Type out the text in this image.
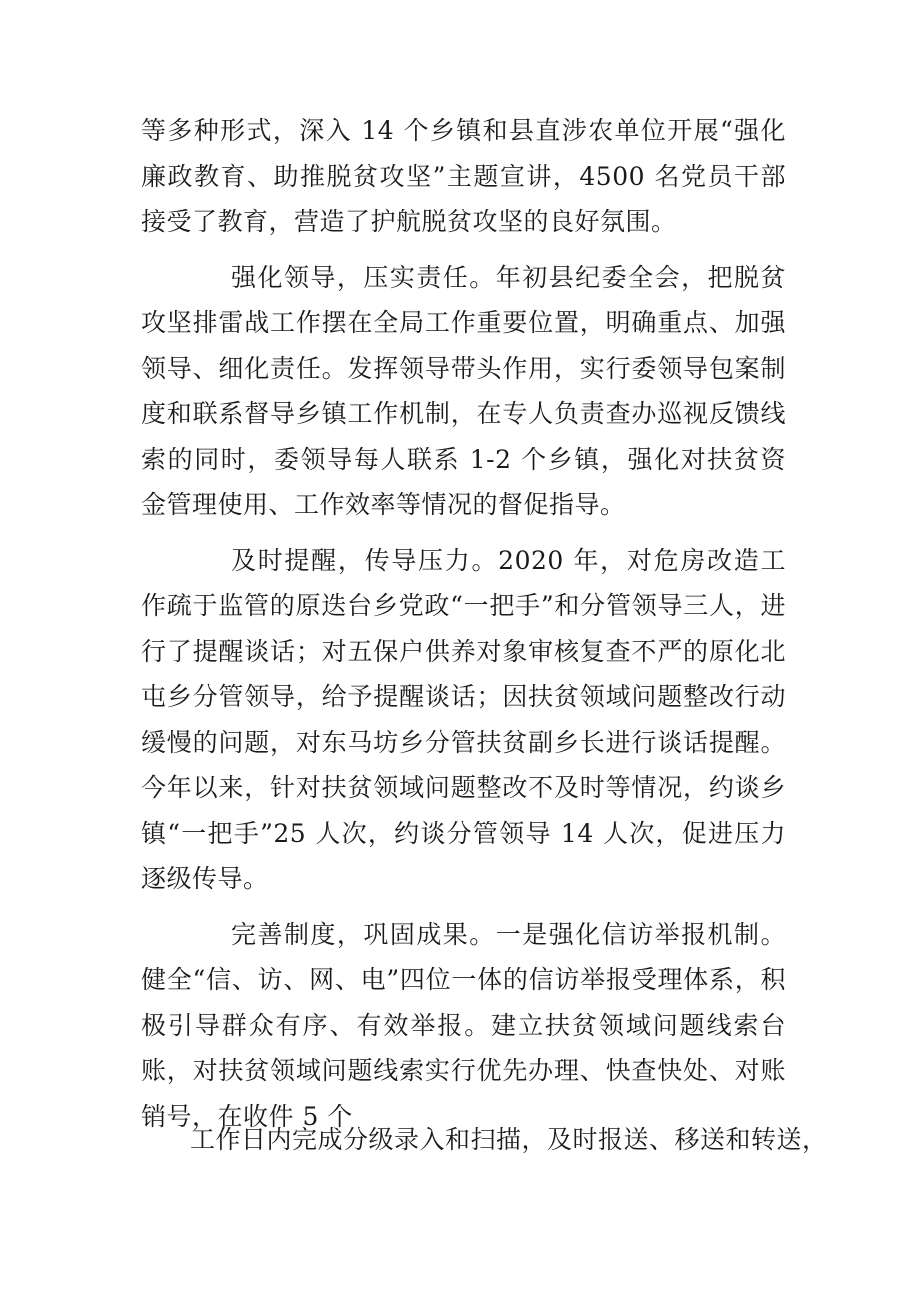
等多种形式，深入 14 个乡镇和县直涉农单位开展“强化廉政教育、助推脱贫攻坚”主题宣讲，4500 名党员干部接受了教育，营造了护航脱贫攻坚的良好氛围。

强化领导，压实责任。年初县纪委全会，把脱贫攻坚排雷战工作摆在全局工作重要位置，明确重点、加强领导、细化责任。发挥领导带头作用，实行委领导包案制度和联系督导乡镇工作机制，在专人负责查办巡视反馈线索的同时，委领导每人联系 1-2 个乡镇，强化对扶贫资金管理使用、工作效率等情况的督促指导。

及时提醒，传导压力。2020 年，对危房改造工作疏于监管的原迭台乡党政“一把手”和分管领导三人，进行了提醒谈话；对五保户供养对象审核复查不严的原化北屯乡分管领导，给予提醒谈话；因扶贫领域问题整改行动缓慢的问题，对东马坊乡分管扶贫副乡长进行谈话提醒。今年以来，针对扶贫领域问题整改不及时等情况，约谈乡镇“一把手”25 人次，约谈分管领导 14 人次，促进压力逐级传导。

完善制度，巩固成果。一是强化信访举报机制。健全“信、访、网、电”四位一体的信访举报受理体系，积极引导群众有序、有效举报。建立扶贫领域问题线索台账，对扶贫领域问题线索实行优先办理、快查快处、对账销号，在收件 5 个

工作日内完成分级录入和扫描，及时报送、移送和转送，
